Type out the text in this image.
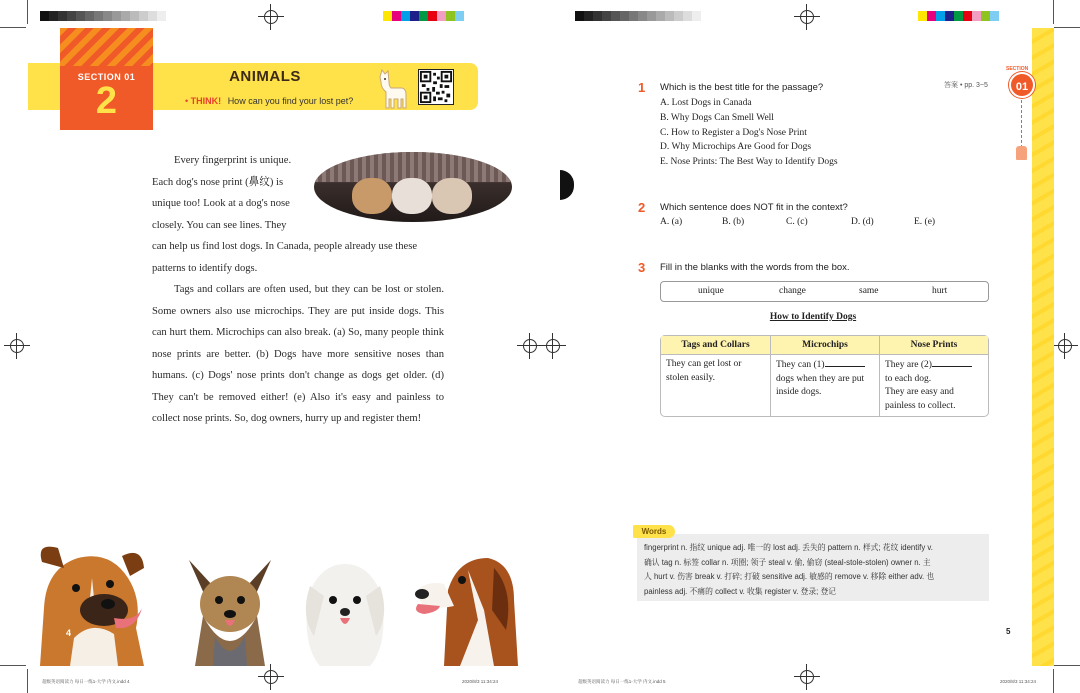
SECTION 01
2
ANIMALS
• THINK! How can you find your lost pet?

Every fingerprint is unique.

Each dog's nose print (鼻纹) is

unique too! Look at a dog's nose

closely. You can see lines. They

can help us find lost dogs. In Canada, people already use these

patterns to identify dogs.

Tags and collars are often used, but they can be lost or stolen. Some owners also use microchips. They are put inside dogs. This can hurt them. Microchips can also break. (a) So, many people think nose prints are better. (b) Dogs have more sensitive noses than humans. (c) Dogs' nose prints don't change as dogs get older. (d) They can't be removed either! (e) Also it's easy and painless to collect nose prints. So, dog owners, hurry up and register them!

4
SECTION
01
答案 • pp. 3~5
1 Which is the best title for the passage?
A. Lost Dogs in Canada
B. Why Dogs Can Smell Well
C. How to Register a Dog's Nose Print
D. Why Microchips Are Good for Dogs
E. Nose Prints: The Best Way to Identify Dogs
2 Which sentence does NOT fit in the context?
A. (a)	B. (b)	C. (c)	D. (d)	E. (e)
3 Fill in the blanks with the words from the box.
unique	change	same	hurt
How to Identify Dogs
Tags and Collars	Microchips	Nose Prints
They can get lost or stolen easily.	They can (1) dogs when they are put inside dogs.	They are (2)
to each dog.
They are easy and painless to collect.
Words
fingerprint n. 指纹 unique adj. 唯一的 lost adj. 丢失的 pattern n. 样式; 花纹 identify v.
确认 tag n. 标签 collar n. 项圈; 领子 steal v. 偷, 偷窃 (steal-stole-stolen) owner n. 主
人 hurt v. 伤害 break v. 打碎; 打破 sensitive adj. 敏感的 remove v. 移除 either adv. 也
painless adj. 不痛的 collect v. 收集 register v. 登录; 登记
5
超级英语阅读力 每日一练1-大学 内文.indd 4	2020/8/3 11:34:24	超级英语阅读力 每日一练1-大学 内文.indd 5	2020/8/3 11:34:24
